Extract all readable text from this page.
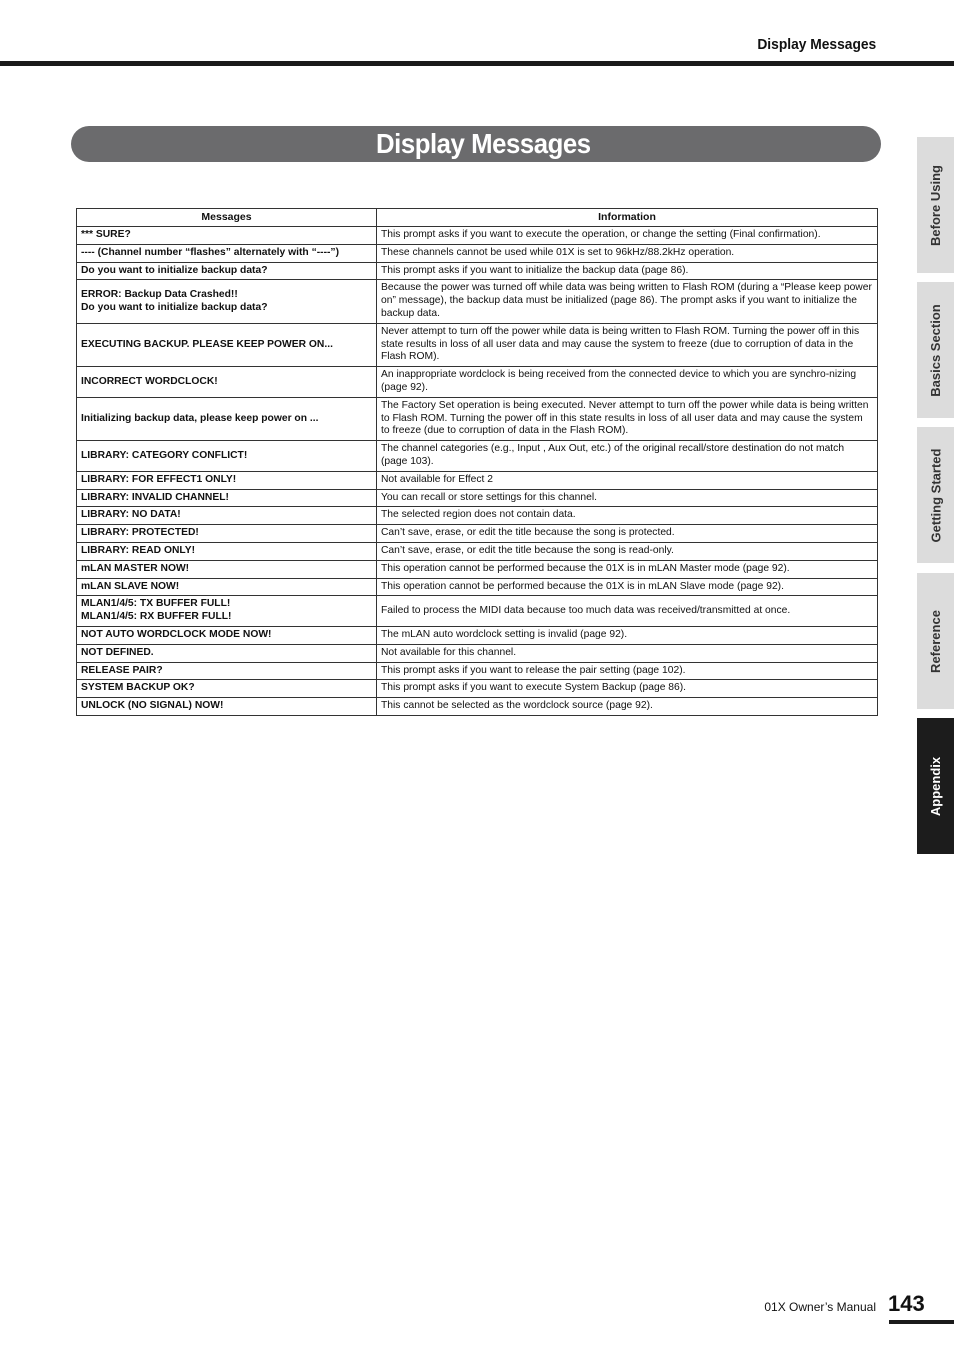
Display Messages
Display Messages
Messages	Information
*** SURE?	This prompt asks if you want to execute the operation, or change the setting (Final confirmation).
---- (Channel number “flashes” alternately with “----”)	These channels cannot be used while 01X is set to 96kHz/88.2kHz operation.
Do you want to initialize backup data?	This prompt asks if you want to initialize the backup data (page 86).
ERROR: Backup Data Crashed!!
Do you want to initialize backup data?	Because the power was turned off while data was being written to Flash ROM (during a “Please keep power on” message), the backup data must be initialized (page 86). The prompt asks if you want to initialize the backup data.
EXECUTING BACKUP. PLEASE KEEP POWER ON...	Never attempt to turn off the power while data is being written to Flash ROM. Turning the power off in this state results in loss of all user data and may cause the system to freeze (due to corruption of data in the Flash ROM).
INCORRECT WORDCLOCK!	An inappropriate wordclock is being received from the connected device to which you are synchro-nizing (page 92).
Initializing backup data, please keep power on ...	The Factory Set operation is being executed. Never attempt to turn off the power while data is being written to Flash ROM. Turning the power off in this state results in loss of all user data and may cause the system to freeze (due to corruption of data in the Flash ROM).
LIBRARY: CATEGORY CONFLICT!	The channel categories (e.g., Input , Aux Out, etc.) of the original recall/store destination do not match (page 103).
LIBRARY: FOR EFFECT1 ONLY!	Not available for Effect 2
LIBRARY: INVALID CHANNEL!	You can recall or store settings for this channel.
LIBRARY: NO DATA!	The selected region does not contain data.
LIBRARY: PROTECTED!	Can’t save, erase, or edit the title because the song is protected.
LIBRARY: READ ONLY!	Can’t save, erase, or edit the title because the song is read-only.
mLAN MASTER NOW!	This operation cannot be performed because the 01X is in mLAN Master mode (page 92).
mLAN SLAVE NOW!	This operation cannot be performed because the 01X is in mLAN Slave mode (page 92).
MLAN1/4/5: TX BUFFER FULL!
MLAN1/4/5: RX BUFFER FULL!	Failed to process the MIDI data because too much data was received/transmitted at once.
NOT AUTO WORDCLOCK MODE NOW!	The mLAN auto wordclock setting is invalid (page 92).
NOT DEFINED.	Not available for this channel.
RELEASE PAIR?	This prompt asks if you want to release the pair setting (page 102).
SYSTEM BACKUP OK?	This prompt asks if you want to execute System Backup (page 86).
UNLOCK (NO SIGNAL) NOW!	This cannot be selected as the wordclock source (page 92).
Before Using
Basics Section
Getting Started
Reference
Appendix
01X Owner’s Manual 143
